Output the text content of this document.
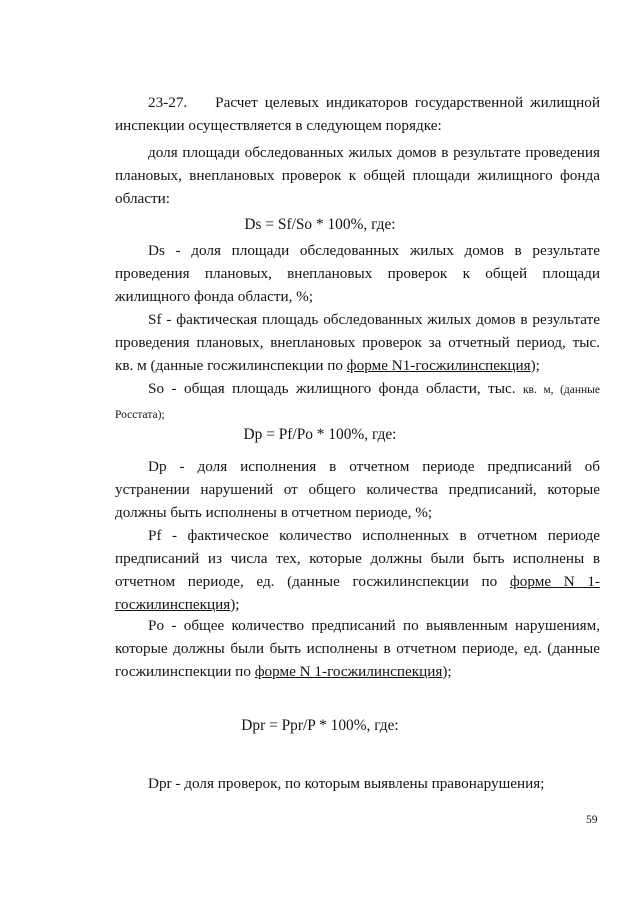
23-27. Расчет целевых индикаторов государственной жилищной инспекции осуществляется в следующем порядке:

доля площади обследованных жилых домов в результате проведения плановых, внеплановых проверок к общей площади жилищного фонда области:

Ds = Sf/So * 100%, где:

Ds - доля площади обследованных жилых домов в результате проведения плановых, внеплановых проверок к общей площади жилищного фонда области, %;

Sf - фактическая площадь обследованных жилых домов в результате проведения плановых, внеплановых проверок за отчетный период, тыс. кв. м (данные госжилинспекции по форме N1-госжилинспекция);

So - общая площадь жилищного фонда области, тыс. кв. м, (данные Росстата);

Dp = Pf/Po * 100%, где:

Dp - доля исполнения в отчетном периоде предписаний об устранении нарушений от общего количества предписаний, которые должны быть исполнены в отчетном периоде, %;

Pf - фактическое количество исполненных в отчетном периоде предписаний из числа тех, которые должны были быть исполнены в отчетном периоде, ед. (данные госжилинспекции по форме N 1-госжилинспекция);

Po - общее количество предписаний по выявленным нарушениям, которые должны были быть исполнены в отчетном периоде, ед. (данные госжилинспекции по форме N 1-госжилинспекция);

Dpr = Ppr/P * 100%, где:

Dpr - доля проверок, по которым выявлены правонарушения;

59
